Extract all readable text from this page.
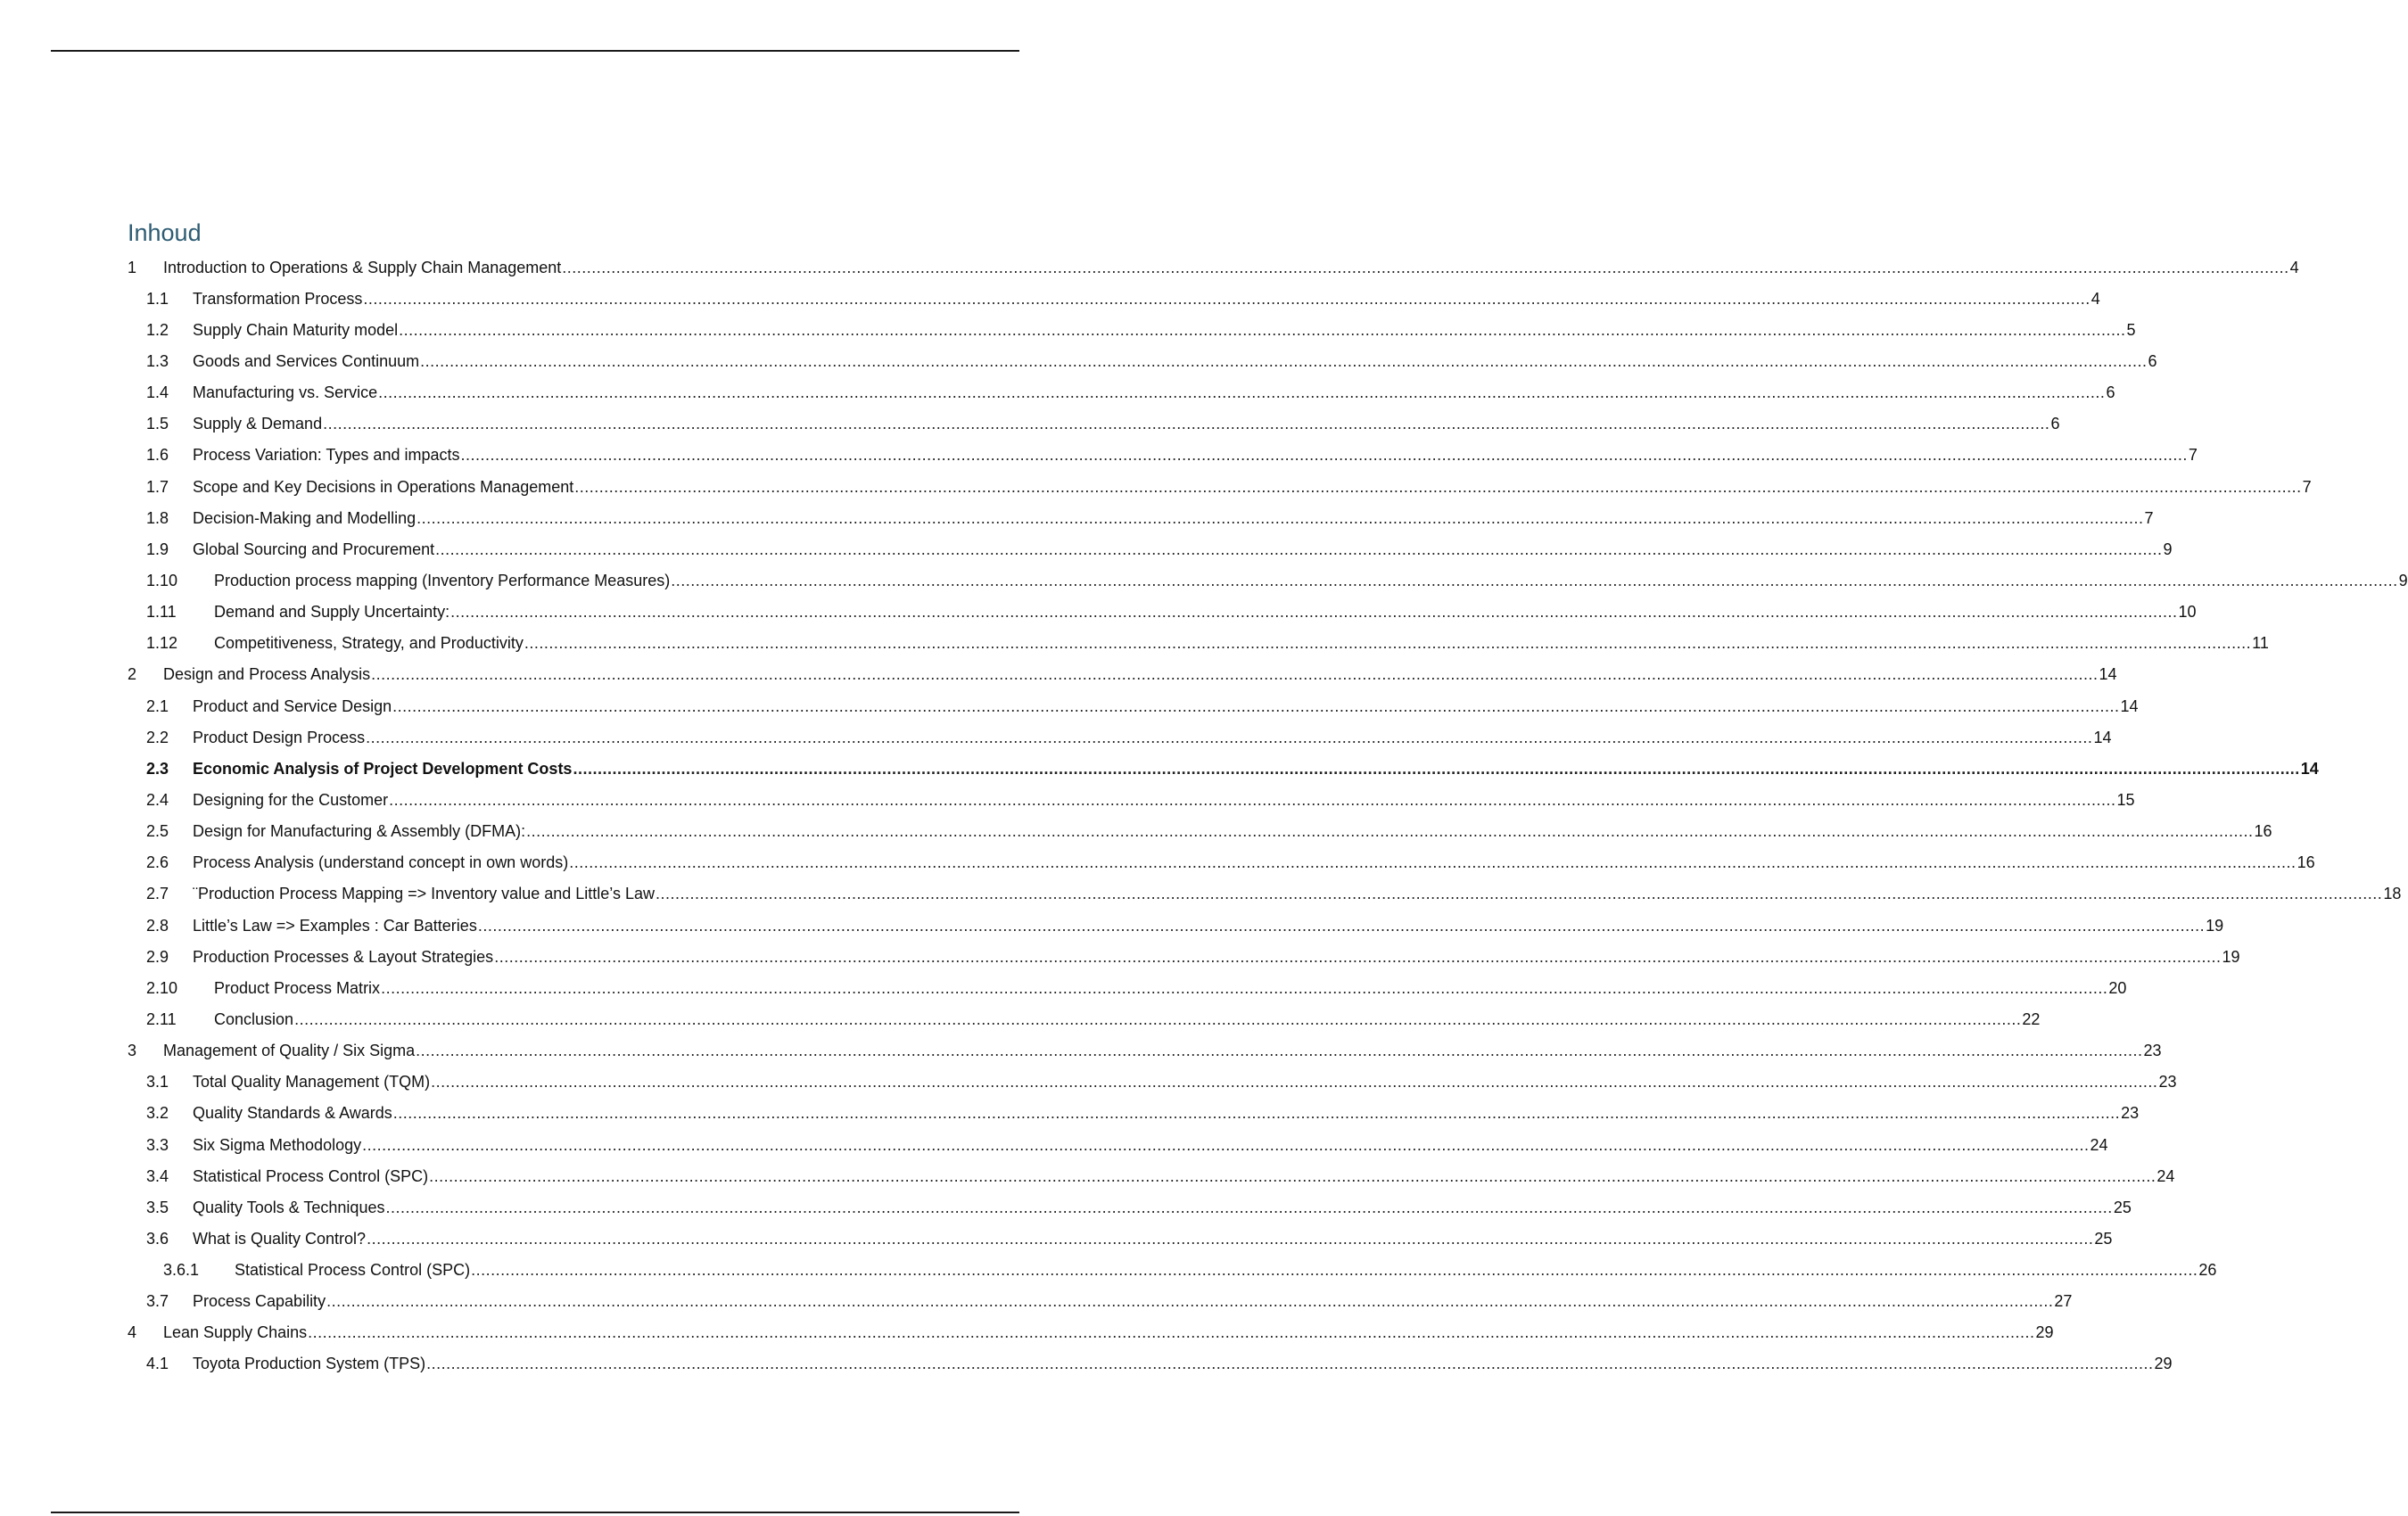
Inhoud
1	Introduction to Operations & Supply Chain Management .....	4
1.1	Transformation Process .....	4
1.2	Supply Chain Maturity model .....	5
1.3	Goods and Services Continuum .....	6
1.4	Manufacturing vs. Service .....	6
1.5	Supply & Demand .....	6
1.6	Process Variation: Types and impacts .....	7
1.7	Scope and Key Decisions in Operations Management .....	7
1.8	Decision-Making and Modelling .....	7
1.9	Global Sourcing and Procurement .....	9
1.10	Production process mapping (Inventory Performance Measures) .....	9
1.11	Demand and Supply Uncertainty: .....	10
1.12	Competitiveness, Strategy, and Productivity .....	11
2	Design and Process Analysis .....	14
2.1	Product and Service Design .....	14
2.2	Product Design Process .....	14
2.3	Economic Analysis of Project Development Costs .....	14
2.4	Designing for the Customer .....	15
2.5	Design for Manufacturing & Assembly (DFMA): .....	16
2.6	Process Analysis (understand concept in own words) .....	16
2.7	¨Production Process Mapping => Inventory value and Little’s Law .....	18
2.8	Little’s Law => Examples : Car Batteries .....	19
2.9	Production Processes & Layout Strategies .....	19
2.10	Product Process Matrix .....	20
2.11	Conclusion .....	22
3	Management of Quality / Six Sigma .....	23
3.1	Total Quality Management (TQM) .....	23
3.2	Quality Standards & Awards .....	23
3.3	Six Sigma Methodology .....	24
3.4	Statistical Process Control (SPC) .....	24
3.5	Quality Tools & Techniques .....	25
3.6	What is Quality Control? .....	25
3.6.1	Statistical Process Control (SPC) .....	26
3.7	Process Capability .....	27
4	Lean Supply Chains .....	29
4.1	Toyota Production System (TPS) .....	29
